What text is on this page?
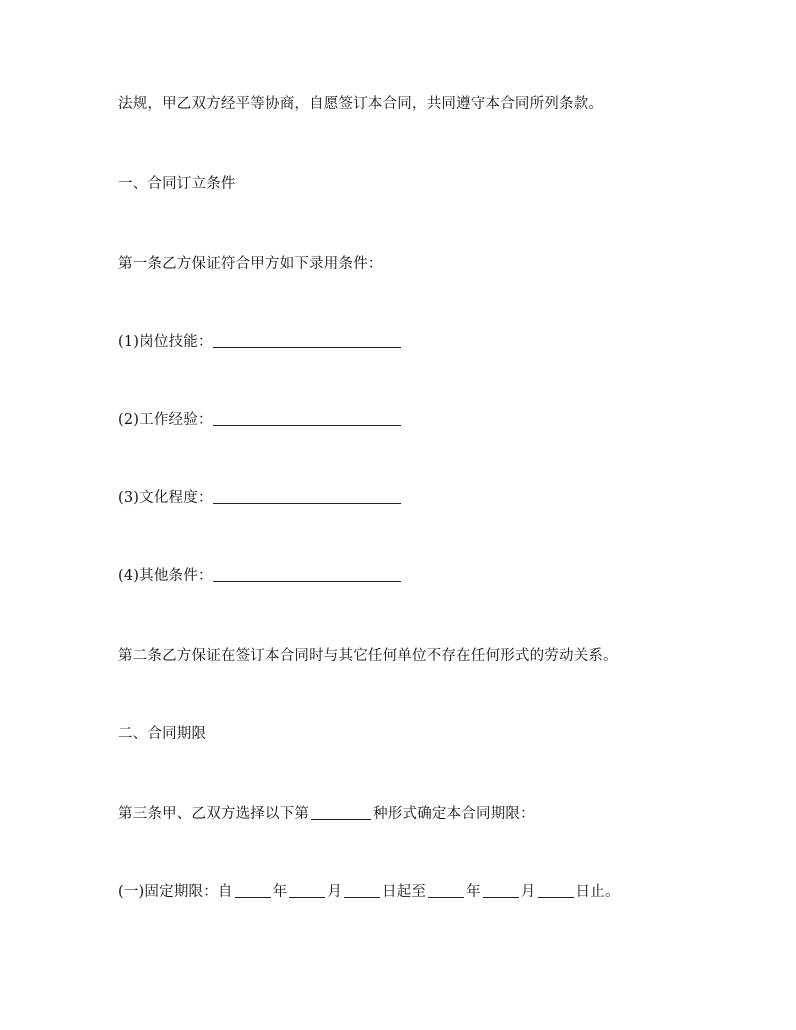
法规，甲乙双方经平等协商，自愿签订本合同，共同遵守本合同所列条款。
一、合同订立条件
第一条乙方保证符合甲方如下录用条件：
(1)岗位技能：
(2)工作经验：
(3)文化程度：
(4)其他条件：
第二条乙方保证在签订本合同时与其它任何单位不存在任何形式的劳动关系。
二、合同期限
第三条甲、乙双方选择以下第	种形式确定本合同期限：
(一)固定期限：自	年	月	日起至	年	月	日止。
